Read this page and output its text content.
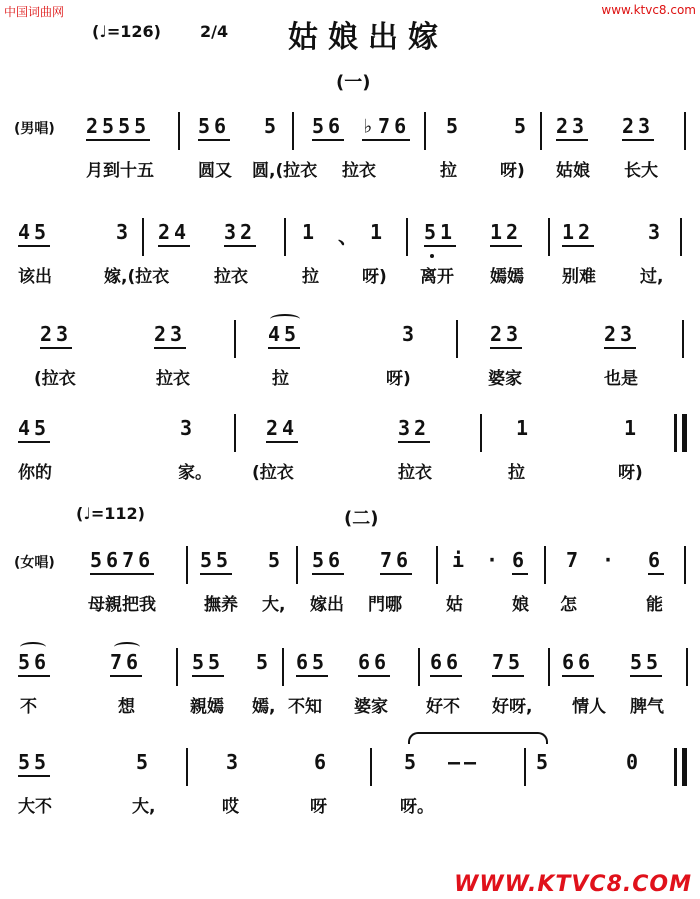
中国词曲网	www.ktvc8.com
WWW.KTVC8.COM
(♩=126) 2/4 姑娘出嫁
(一)
(男唱) 2555 56 5 56 ♭76 5	5 23 23
月到十五	圆又 圆,(拉衣 拉衣	拉	呀) 姑娘 长大
45	3 24 32 1 、 1 51 12 12	3
该出	嫁,(拉衣	拉衣	拉	呀) 离开 嫣嫣 别难	过,
23	23	45	3	23	23
(拉衣	拉衣	拉	呀)	婆家	也是
45	3	24	32	1	1
你的	家。 (拉衣	拉衣	拉	呀)
(♩=112)	(二)
(女唱) 5676 55 5 56 76 i · 6 7 · 6
母親把我	撫养 大, 嫁出 門哪	姑	娘 怎	能
56	76 55 5 65 66 66 75 66 55
不	想	親嫣 嫣, 不知 婆家 好不 好呀, 情人 脾气
55	5	3	6	5 ——	5	0
大不	大,	哎	呀	呀。
